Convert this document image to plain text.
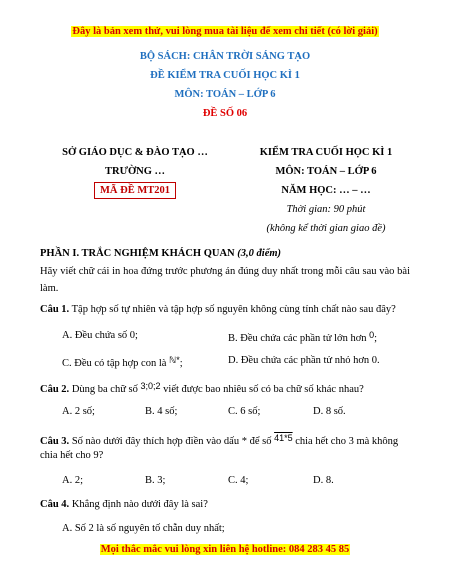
Đây là bản xem thử, vui lòng mua tài liệu để xem chi tiết (có lời giải)
BỘ SÁCH: CHÂN TRỜI SÁNG TẠO
ĐỀ KIỂM TRA CUỐI HỌC KÌ 1
MÔN: TOÁN – LỚP 6
ĐỀ SỐ 06
SỞ GIÁO DỤC & ĐÀO TẠO …
TRƯỜNG …
MÃ ĐỀ MT201
KIỂM TRA CUỐI HỌC KÌ 1
MÔN: TOÁN – LỚP 6
NĂM HỌC: … – …
Thời gian: 90 phút
(không kể thời gian giao đề)
PHẦN I. TRẮC NGHIỆM KHÁCH QUAN (3,0 điểm)
Hãy viết chữ cái in hoa đứng trước phương án đúng duy nhất trong mỗi câu sau vào bài làm.
Câu 1. Tập hợp số tự nhiên và tập hợp số nguyên không cùng tính chất nào sau đây?
A. Đều chứa số 0;	B. Đều chứa các phần tử lớn hơn 0;
C. Đều có tập hợp con là ℕ*;	D. Đều chứa các phần tử nhỏ hơn 0.
Câu 2. Dùng ba chữ số 3;0;2 viết được bao nhiêu số có ba chữ số khác nhau?
A. 2 số;	B. 4 số;	C. 6 số;	D. 8 số.
Câu 3. Số nào dưới đây thích hợp điền vào dấu * để số 41*5 chia hết cho 3 mà không
chia hết cho 9?
A. 2;	B. 3;	C. 4;	D. 8.
Câu 4. Khẳng định nào dưới đây là sai?
A. Số 2 là số nguyên tố chẵn duy nhất;
Mọi thắc mắc vui lòng xin liên hệ hotline: 084 283 45 85
